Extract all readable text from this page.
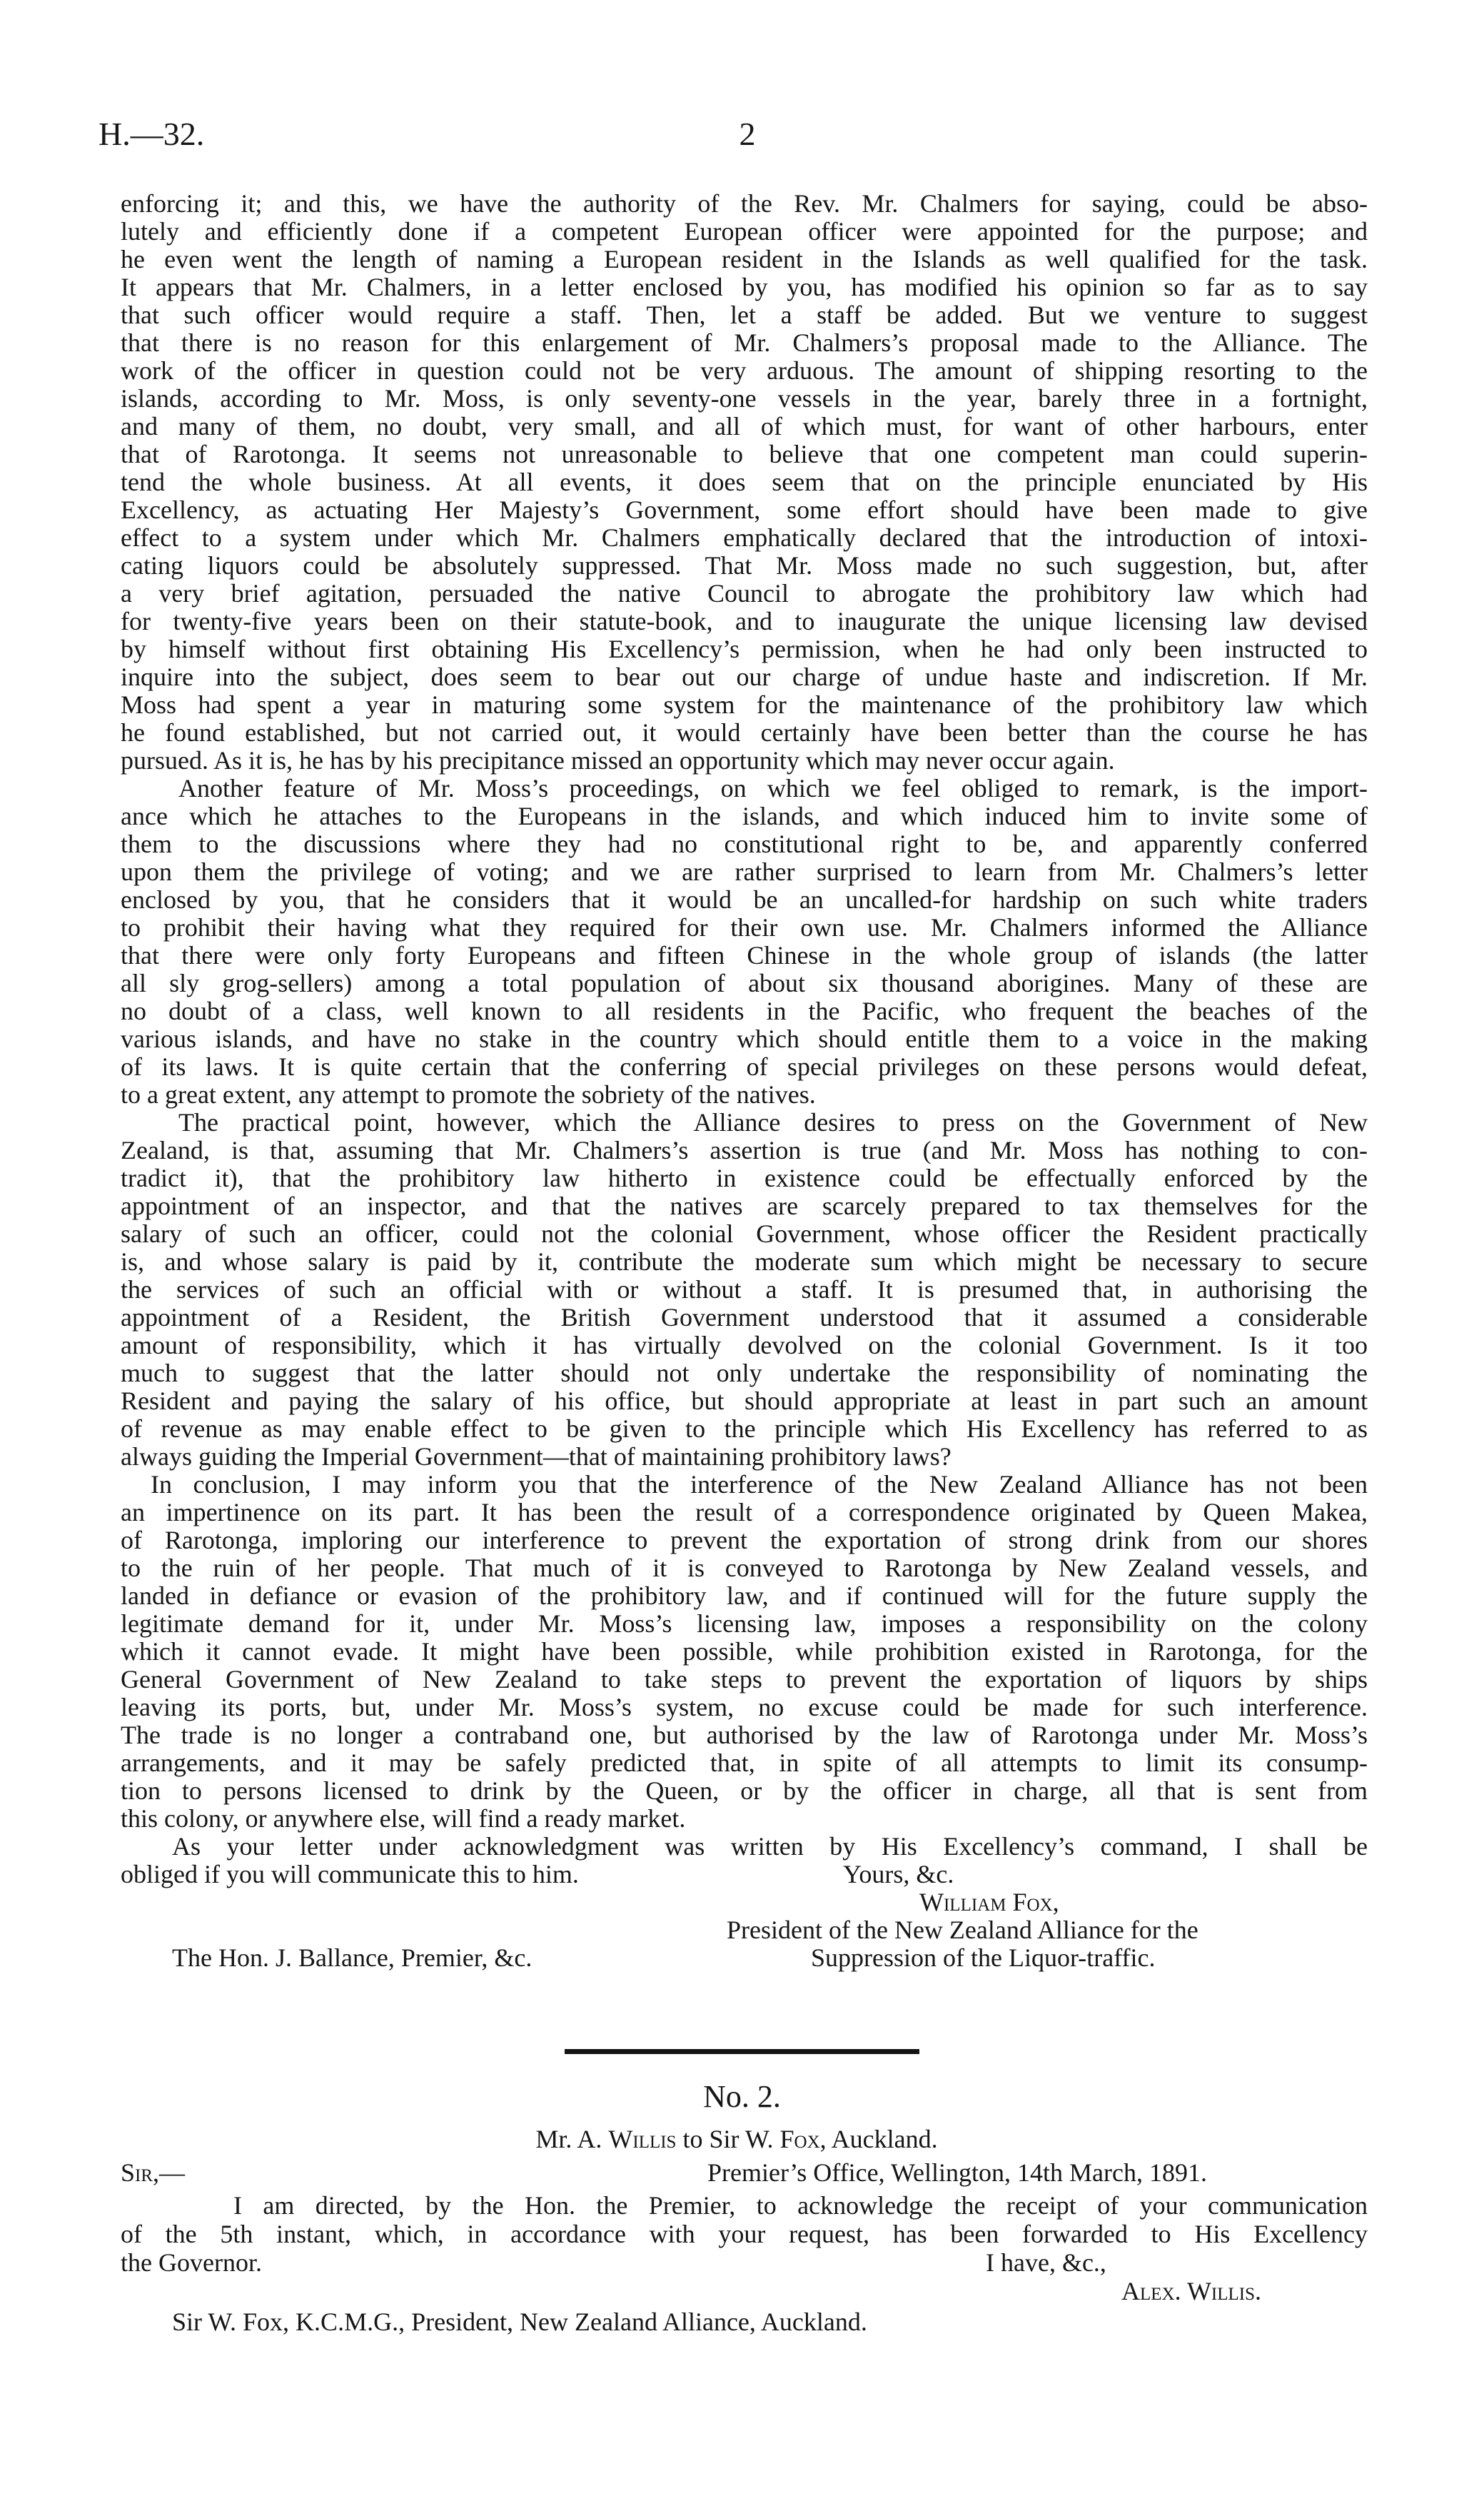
H.—32.	2
enforcing it; and this, we have the authority of the Rev. Mr. Chalmers for saying, could be abso-
lutely and efficiently done if a competent European officer were appointed for the purpose; and
he even went the length of naming a European resident in the Islands as well qualified for the task.
It appears that Mr. Chalmers, in a letter enclosed by you, has modified his opinion so far as to say
that such officer would require a staff. Then, let a staff be added. But we venture to suggest
that there is no reason for this enlargement of Mr. Chalmers’s proposal made to the Alliance. The
work of the officer in question could not be very arduous. The amount of shipping resorting to the
islands, according to Mr. Moss, is only seventy-one vessels in the year, barely three in a fortnight,
and many of them, no doubt, very small, and all of which must, for want of other harbours, enter
that of Rarotonga. It seems not unreasonable to believe that one competent man could superin-
tend the whole business. At all events, it does seem that on the principle enunciated by His
Excellency, as actuating Her Majesty’s Government, some effort should have been made to give
effect to a system under which Mr. Chalmers emphatically declared that the introduction of intoxi-
cating liquors could be absolutely suppressed. That Mr. Moss made no such suggestion, but, after
a very brief agitation, persuaded the native Council to abrogate the prohibitory law which had
for twenty-five years been on their statute-book, and to inaugurate the unique licensing law devised
by himself without first obtaining His Excellency’s permission, when he had only been instructed to
inquire into the subject, does seem to bear out our charge of undue haste and indiscretion. If Mr.
Moss had spent a year in maturing some system for the maintenance of the prohibitory law which
he found established, but not carried out, it would certainly have been better than the course he has
pursued. As it is, he has by his precipitance missed an opportunity which may never occur again.
Another feature of Mr. Moss’s proceedings, on which we feel obliged to remark, is the import-
ance which he attaches to the Europeans in the islands, and which induced him to invite some of
them to the discussions where they had no constitutional right to be, and apparently conferred
upon them the privilege of voting; and we are rather surprised to learn from Mr. Chalmers’s letter
enclosed by you, that he considers that it would be an uncalled-for hardship on such white traders
to prohibit their having what they required for their own use. Mr. Chalmers informed the Alliance
that there were only forty Europeans and fifteen Chinese in the whole group of islands (the latter
all sly grog-sellers) among a total population of about six thousand aborigines. Many of these are
no doubt of a class, well known to all residents in the Pacific, who frequent the beaches of the
various islands, and have no stake in the country which should entitle them to a voice in the making
of its laws. It is quite certain that the conferring of special privileges on these persons would defeat,
to a great extent, any attempt to promote the sobriety of the natives.
The practical point, however, which the Alliance desires to press on the Government of New
Zealand, is that, assuming that Mr. Chalmers’s assertion is true (and Mr. Moss has nothing to con-
tradict it), that the prohibitory law hitherto in existence could be effectually enforced by the
appointment of an inspector, and that the natives are scarcely prepared to tax themselves for the
salary of such an officer, could not the colonial Government, whose officer the Resident practically
is, and whose salary is paid by it, contribute the moderate sum which might be necessary to secure
the services of such an official with or without a staff. It is presumed that, in authorising the
appointment of a Resident, the British Government understood that it assumed a considerable
amount of responsibility, which it has virtually devolved on the colonial Government. Is it too
much to suggest that the latter should not only undertake the responsibility of nominating the
Resident and paying the salary of his office, but should appropriate at least in part such an amount
of revenue as may enable effect to be given to the principle which His Excellency has referred to as
always guiding the Imperial Government—that of maintaining prohibitory laws?
In conclusion, I may inform you that the interference of the New Zealand Alliance has not been
an impertinence on its part. It has been the result of a correspondence originated by Queen Makea,
of Rarotonga, imploring our interference to prevent the exportation of strong drink from our shores
to the ruin of her people. That much of it is conveyed to Rarotonga by New Zealand vessels, and
landed in defiance or evasion of the prohibitory law, and if continued will for the future supply the
legitimate demand for it, under Mr. Moss’s licensing law, imposes a responsibility on the colony
which it cannot evade. It might have been possible, while prohibition existed in Rarotonga, for the
General Government of New Zealand to take steps to prevent the exportation of liquors by ships
leaving its ports, but, under Mr. Moss’s system, no excuse could be made for such interference.
The trade is no longer a contraband one, but authorised by the law of Rarotonga under Mr. Moss’s
arrangements, and it may be safely predicted that, in spite of all attempts to limit its consump-
tion to persons licensed to drink by the Queen, or by the officer in charge, all that is sent from
this colony, or anywhere else, will find a ready market.
As your letter under acknowledgment was written by His Excellency’s command, I shall be
obliged if you will communicate this to him.	Yours, &c.
William Fox,
President of the New Zealand Alliance for the
The Hon. J. Ballance, Premier, &c.	Suppression of the Liquor-traffic.
No. 2.
Mr. A. Willis to Sir W. Fox, Auckland.
Sir,—	Premier’s Office, Wellington, 14th March, 1891.
I am directed, by the Hon. the Premier, to acknowledge the receipt of your communication
of the 5th instant, which, in accordance with your request, has been forwarded to His Excellency
the Governor.	I have, &c.,
Alex. Willis.
Sir W. Fox, K.C.M.G., President, New Zealand Alliance, Auckland.
